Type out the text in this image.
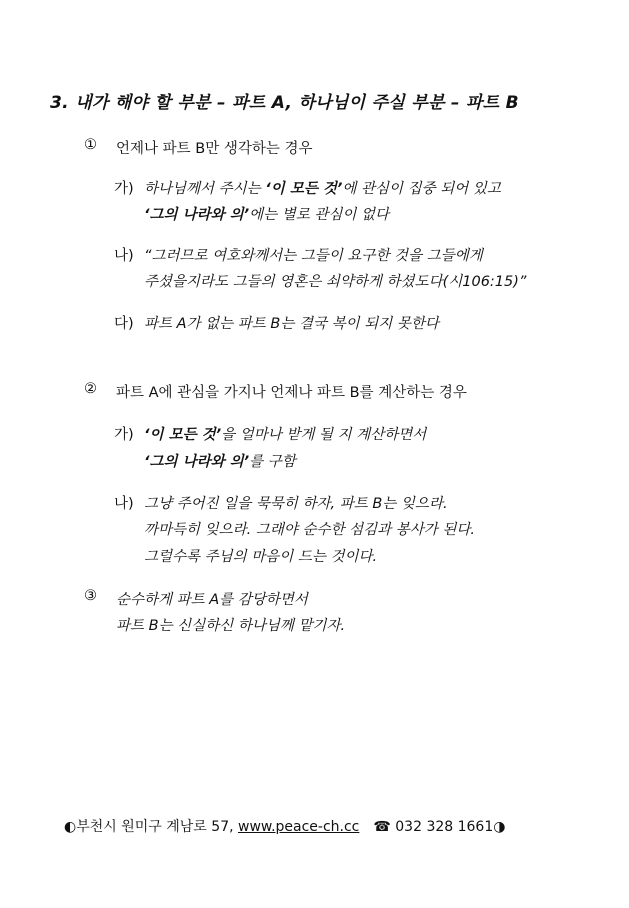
3. 내가 해야 할 부분 – 파트 A, 하나님이 주실 부분 – 파트 B
① 언제나 파트 B만 생각하는 경우
가) 하나님께서 주시는 ‘이 모든 것’에 관심이 집중 되어 있고
‘그의 나라와 의’에는 별로 관심이 없다
나) “그러므로 여호와께서는 그들이 요구한 것을 그들에게
주셨을지라도 그들의 영혼은 쇠약하게 하셨도다(시106:15)”
다) 파트 A가 없는 파트 B는 결국 복이 되지 못한다
② 파트 A에 관심을 가지나 언제나 파트 B를 계산하는 경우
가) ‘이 모든 것’을 얼마나 받게 될 지 계산하면서
‘그의 나라와 의’를 구함
나) 그냥 주어진 일을 묵묵히 하자, 파트 B는 잊으라.
까마득히 잊으라. 그래야 순수한 섬김과 봉사가 된다.
그럴수록 주님의 마음이 드는 것이다.
③ 순수하게 파트 A를 감당하면서
파트 B는 신실하신 하나님께 맡기자.
◐부천시 원미구 계남로 57, www.peace-ch.cc ☎ 032 328 1661◑
